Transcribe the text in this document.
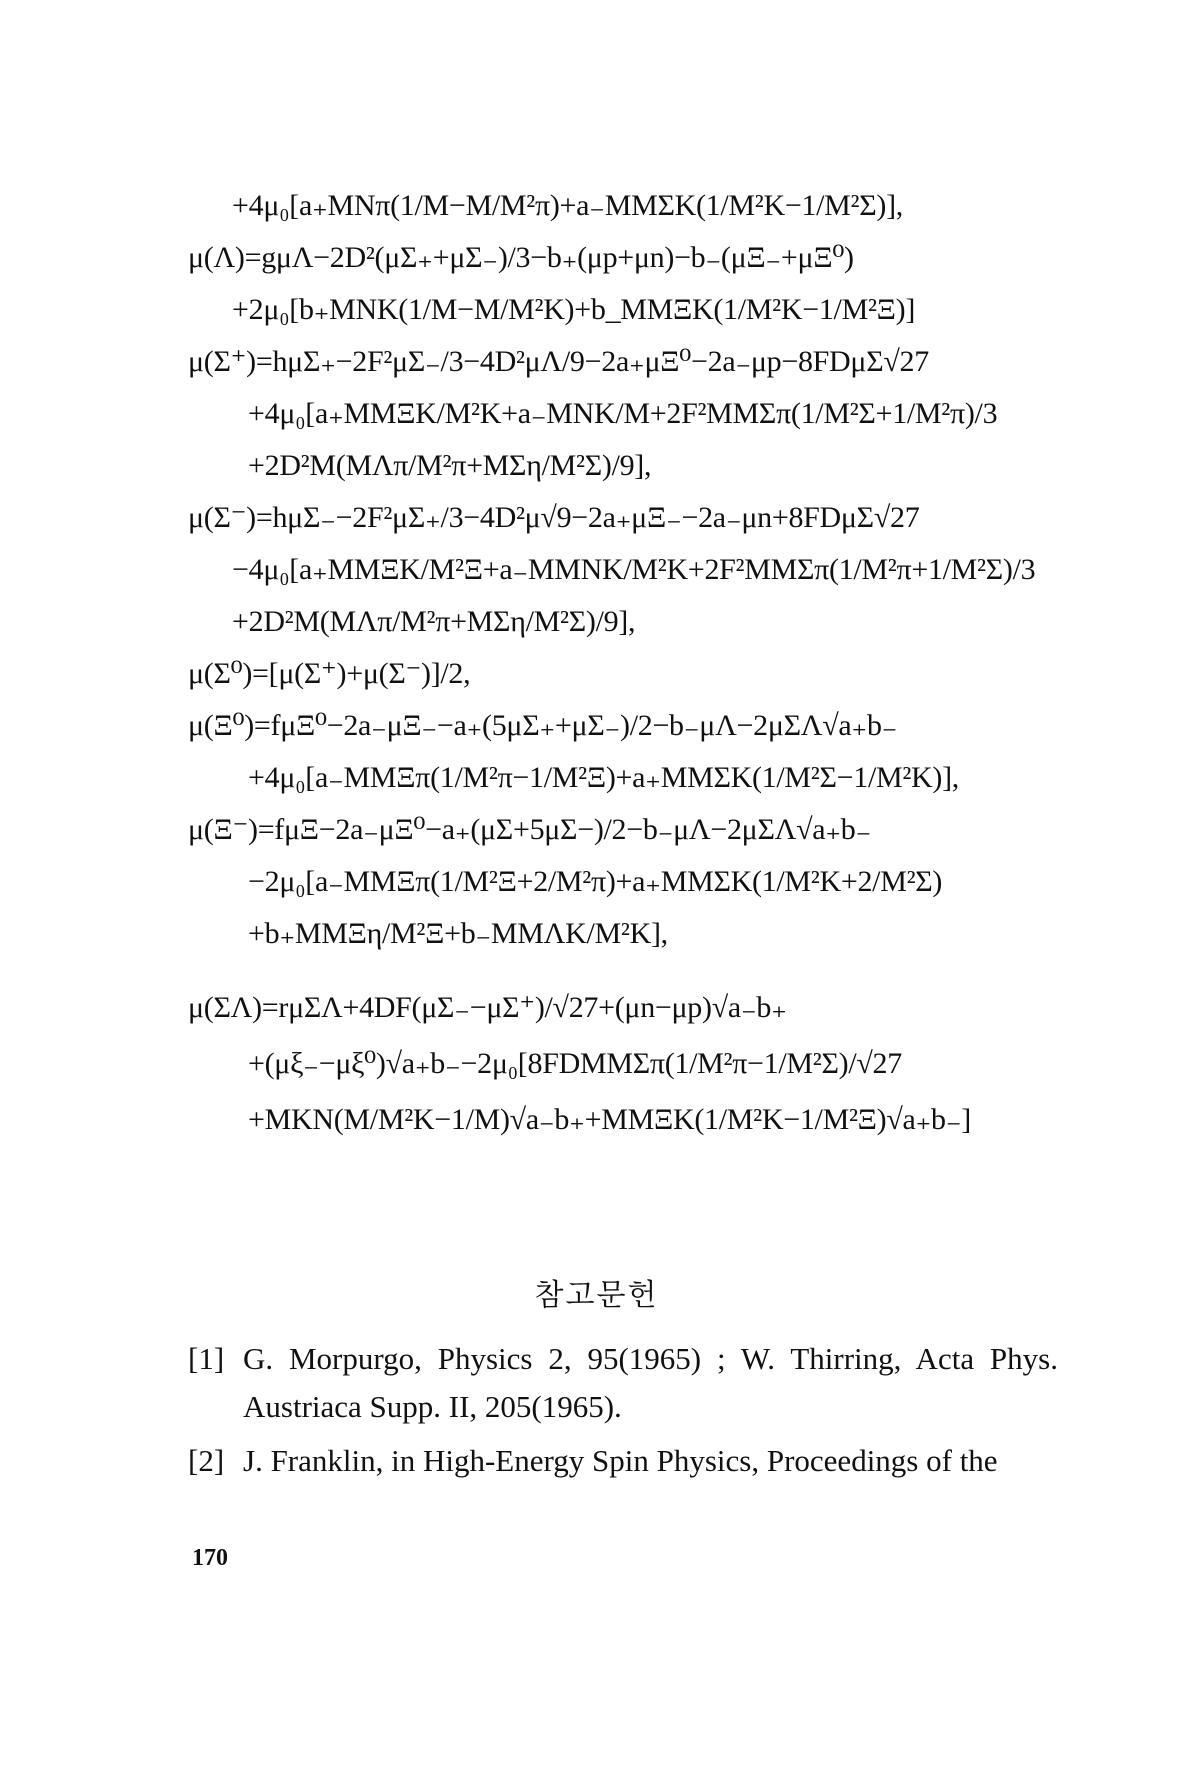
+4μ₀[a₊MNπ(1/M−M/M²π)+a₋MMΣK(1/M²K−1/M²Σ)],
μ(Λ)=gμΛ−2D²(μΣ₊+μΣ₋)/3−b₊(μp+μn)−b₋(μΞ₋+μΞ⁰)
+2μ₀[b₊MNK(1/M−M/M²K)+b_MMΞK(1/M²K−1/M²Ξ)]
μ(Σ⁺)=hμΣ₊−2F²μΣ₋/3−4D²μΛ/9−2a₊μΞ⁰−2a₋μp−8FDμΣ√27
+4μ₀[a₊MMΞK/M²K+a₋MNK/M+2F²MMΣπ(1/M²Σ+1/M²π)/3
+2D²M(MΛπ/M²π+MΣη/M²Σ)/9],
μ(Σ⁻)=hμΣ₋−2F²μΣ₊/3−4D²μ√9−2a₊μΞ₋−2a₋μn+8FDμΣ√27
−4μ₀[a₊MMΞK/M²Ξ+a₋MMNK/M²K+2F²MMΣπ(1/M²π+1/M²Σ)/3
+2D²M(MΛπ/M²π+MΣη/M²Σ)/9],
μ(Σ⁰)=[μ(Σ⁺)+μ(Σ⁻)]/2,
μ(Ξ⁰)=fμΞ⁰−2a₋μΞ₋−a₊(5μΣ₊+μΣ₋)/2−b₋μΛ−2μΣΛ√a₊b₋
+4μ₀[a₋MMΞπ(1/M²π−1/M²Ξ)+a₊MMΣK(1/M²Σ−1/M²K)],
μ(Ξ⁻)=fμΞ−2a₋μΞ⁰−a₊(μΣ+5μΣ−)/2−b₋μΛ−2μΣΛ√a₊b₋
−2μ₀[a₋MMΞπ(1/M²Ξ+2/M²π)+a₊MMΣK(1/M²K+2/M²Σ)
+b₊MMΞη/M²Ξ+b₋MMΛK/M²K],
μ(ΣΛ)=rμΣΛ+4DF(μΣ₋−μΣ⁺)/√27+(μn−μp)√a₋b₊
+(μξ₋−μξ⁰)√a₊b₋−2μ₀[8FDMMΣπ(1/M²π−1/M²Σ)/√27
+MKN(M/M²K−1/M)√a₋b₊+MMΞK(1/M²K−1/M²Ξ)√a₊b₋]
참고문헌
[1] G. Morpurgo, Physics 2, 95(1965) ; W. Thirring, Acta Phys. Austriaca Supp. II, 205(1965).
[2] J. Franklin, in High-Energy Spin Physics, Proceedings of the
170
